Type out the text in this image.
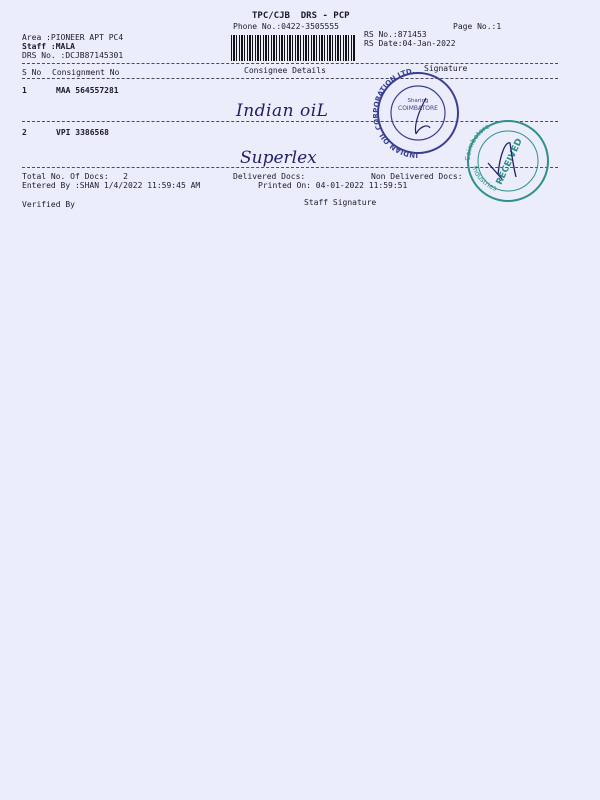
TPC/CJB  DRS - PCP
Phone No.:0422-3505555	Page No.:1
Area :PIONEER APT PC4
Staff :MALA
DRS No. :DCJB87145301
RS No.:871453
RS Date:04-Jan-2022
S No Consignment No	Consignee Details	Signature
1	MAA 564557281
Indian oiL
2	VPI 3386568
Superlex	INDIAN OIL CORPORATION LTD.
COIMBATORE
Sharing
Coimbatore
Industries
RECEIVED
Total No. Of Docs:   2	Delivered Docs:	Non Delivered Docs:
Entered By :SHAN 1/4/2022 11:59:45 AM	Printed On: 04-01-2022 11:59:51
Verified By	Staff Signature
